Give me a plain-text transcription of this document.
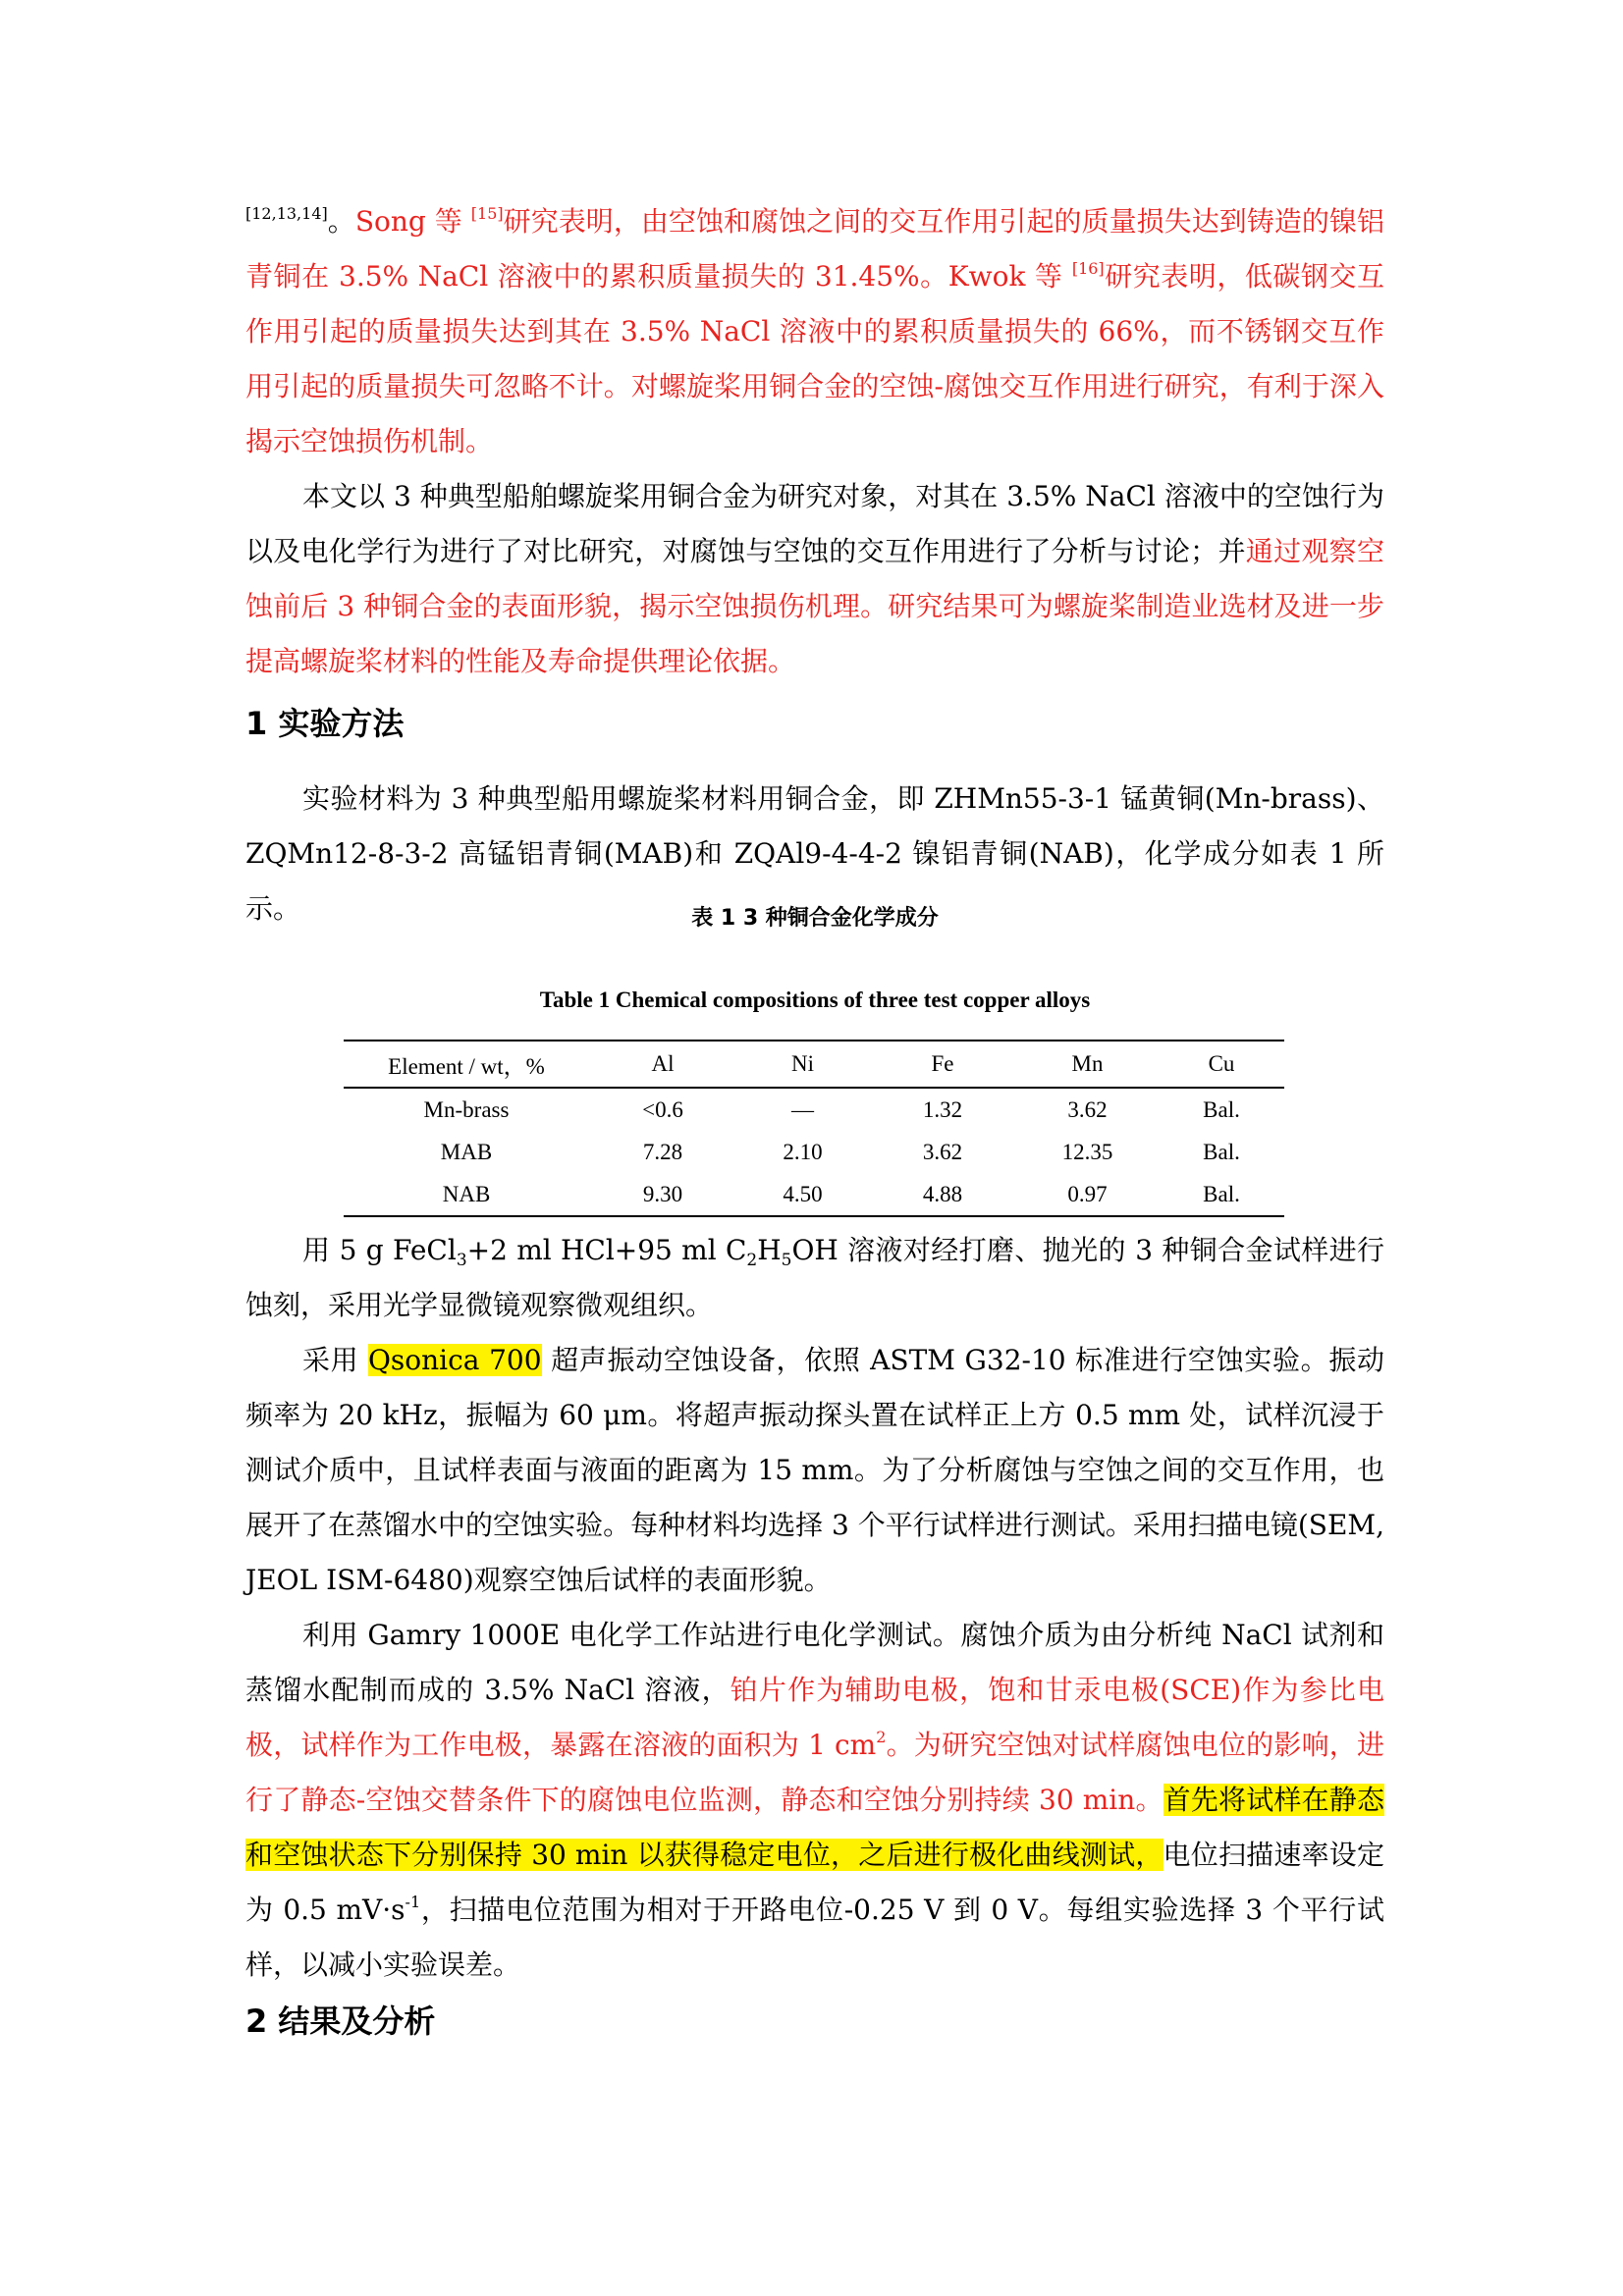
[12,13,14]。Song 等 [15]研究表明，由空蚀和腐蚀之间的交互作用引起的质量损失达到铸造的镍铝青铜在 3.5% NaCl 溶液中的累积质量损失的 31.45%。Kwok 等 [16]研究表明，低碳钢交互作用引起的质量损失达到其在 3.5% NaCl 溶液中的累积质量损失的 66%，而不锈钢交互作用引起的质量损失可忽略不计。对螺旋桨用铜合金的空蚀-腐蚀交互作用进行研究，有利于深入揭示空蚀损伤机制。

本文以 3 种典型船舶螺旋桨用铜合金为研究对象，对其在 3.5% NaCl 溶液中的空蚀行为以及电化学行为进行了对比研究，对腐蚀与空蚀的交互作用进行了分析与讨论；并通过观察空蚀前后 3 种铜合金的表面形貌，揭示空蚀损伤机理。研究结果可为螺旋桨制造业选材及进一步提高螺旋桨材料的性能及寿命提供理论依据。

1 实验方法

实验材料为 3 种典型船用螺旋桨材料用铜合金，即 ZHMn55-3-1 锰黄铜(Mn-brass)、ZQMn12-8-3-2 高锰铝青铜(MAB)和 ZQAl9-4-4-2 镍铝青铜(NAB)，化学成分如表 1 所示。	表 1 3 种铜合金化学成分
Table 1 Chemical compositions of three test copper alloys
Element / wt，%	Al	Ni	Fe	Mn	Cu
Mn-brass	<0.6	—	1.32	3.62	Bal.
MAB	7.28	2.10	3.62	12.35	Bal.
NAB	9.30	4.50	4.88	0.97	Bal.

用 5 g FeCl$_3$+2 ml HCl+95 ml $C_2H_5OH$ 溶液对经打磨、抛光的 3 种铜合金试样进行蚀刻，采用光学显微镜观察微观组织。

采用 Qsonica 700 超声振动空蚀设备，依照 ASTM G32-10 标准进行空蚀实验。振动频率为 20 kHz，振幅为 60 μm。将超声振动探头置在试样正上方 0.5 mm 处，试样沉浸于测试介质中，且试样表面与液面的距离为 15 mm。为了分析腐蚀与空蚀之间的交互作用，也展开了在蒸馏水中的空蚀实验。每种材料均选择 3 个平行试样进行测试。采用扫描电镜(SEM, JEOL ISM-6480)观察空蚀后试样的表面形貌。

利用 Gamry 1000E 电化学工作站进行电化学测试。腐蚀介质为由分析纯 NaCl 试剂和蒸馏水配制而成的 3.5% NaCl 溶液，铂片作为辅助电极，饱和甘汞电极(SCE)作为参比电极，试样作为工作电极，暴露在溶液的面积为 1 $cm^2$。为研究空蚀对试样腐蚀电位的影响，进行了静态-空蚀交替条件下的腐蚀电位监测，静态和空蚀分别持续 30 min。首先将试样在静态和空蚀状态下分别保持 30 min 以获得稳定电位，之后进行极化曲线测试，电位扫描速率设定为 0.5 $mV\cdot s^{-1}$，扫描电位范围为相对于开路电位-0.25 V 到 0 V。每组实验选择 3 个平行试样，以减小实验误差。

2 结果及分析
